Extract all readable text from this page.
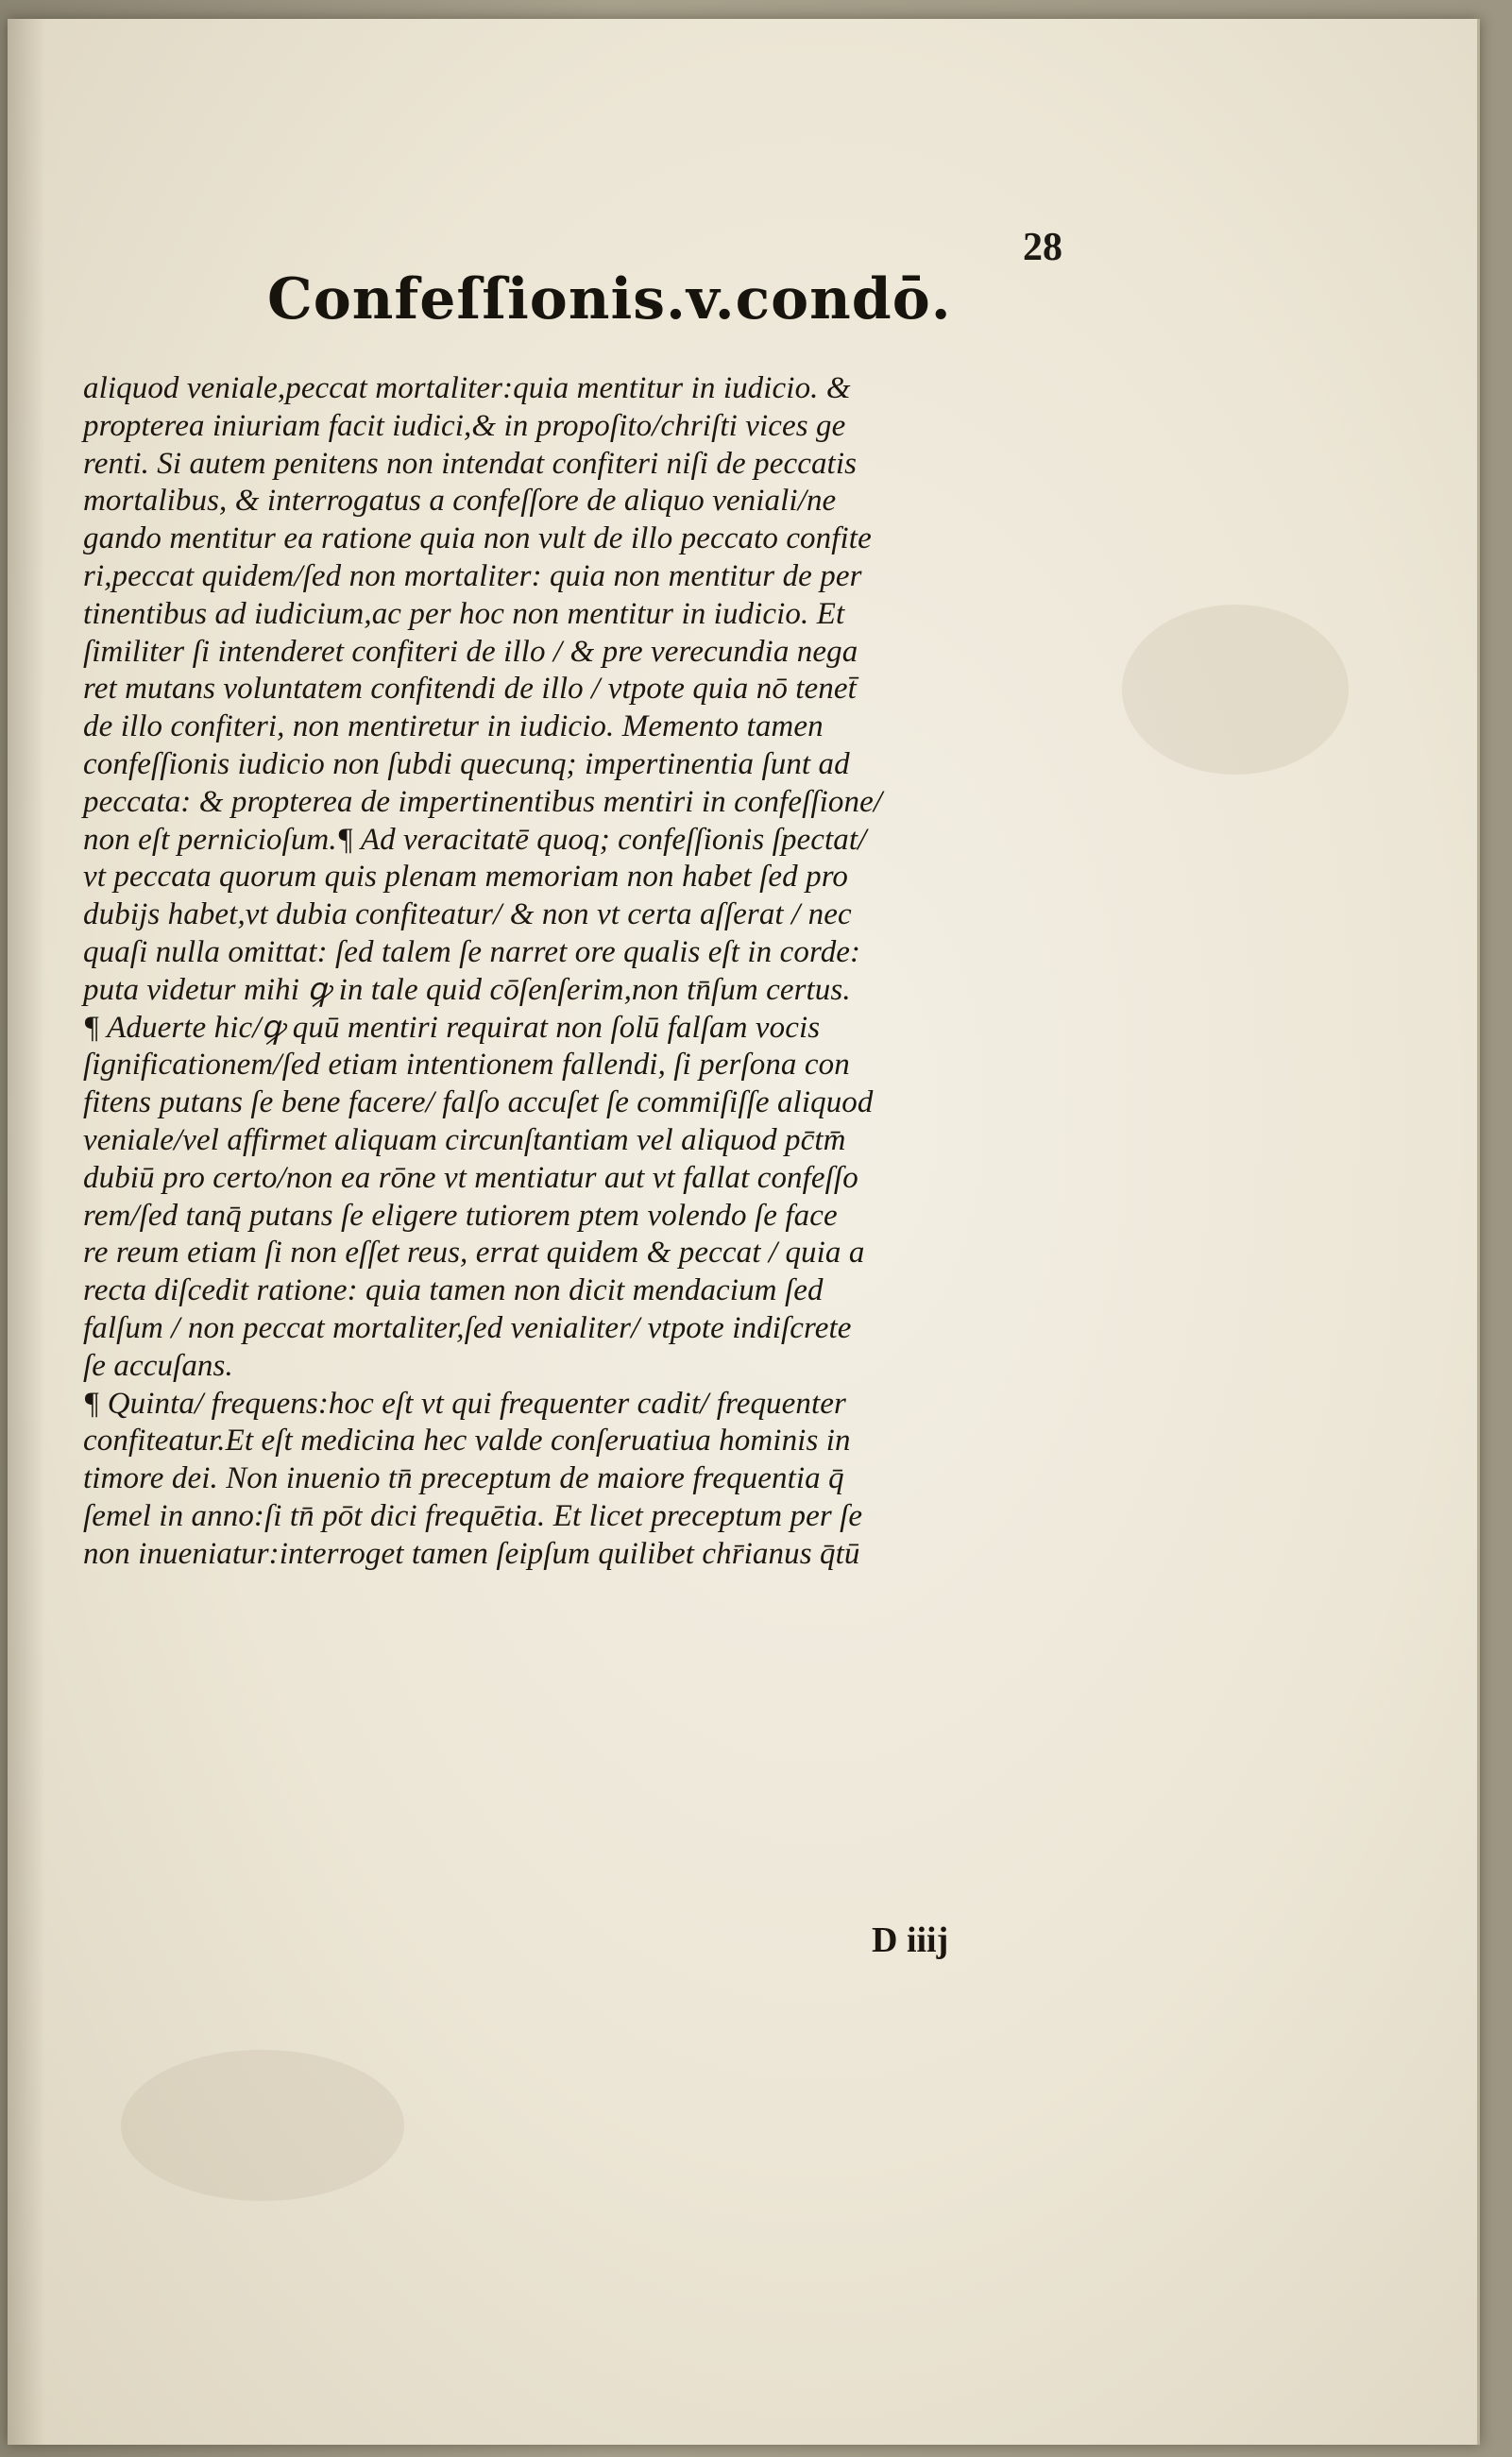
28

Confeſſionis.v.condō.
aliquod veniale,peccat mortaliter:quia mentitur in iudicio. &
propterea iniuriam facit iudici,& in propoſito/chriſti vices ge
renti. Si autem penitens non intendat confiteri niſi de peccatis
mortalibus, & interrogatus a confeſſore de aliquo veniali/ne
gando mentitur ea ratione quia non vult de illo peccato confite
ri,peccat quidem/ſed non mortaliter: quia non mentitur de per
tinentibus ad iudicium,ac per hoc non mentitur in iudicio. Et
ſimiliter ſi intenderet confiteri de illo / & pre verecundia nega
ret mutans voluntatem confitendi de illo / vtpote quia nō tenet̄
de illo confiteri, non mentiretur in iudicio. Memento tamen
confeſſionis iudicio non ſubdi quecunq; impertinentia ſunt ad
peccata: & propterea de impertinentibus mentiri in confeſſione/
non eſt pernicioſum.¶ Ad veracitatē quoq; confeſſionis ſpectat/
vt peccata quorum quis plenam memoriam non habet ſed pro
dubijs habet,vt dubia confiteatur/ & non vt certa aſſerat / nec
quaſi nulla omittat: ſed talem ſe narret ore qualis eſt in corde:
puta videtur mihi ꝙ in tale quid cōſenſerim,non tn̄ſum certus.
¶ Aduerte hic/ꝙ quū mentiri requirat non ſolū falſam vocis
ſignificationem/ſed etiam intentionem fallendi, ſi perſona con
fitens putans ſe bene facere/ falſo accuſet ſe commiſiſſe aliquod
veniale/vel affirmet aliquam circunſtantiam vel aliquod pc̄tm̄
dubiū pro certo/non ea rōne vt mentiatur aut vt fallat confeſſo
rem/ſed tanq̄ putans ſe eligere tutiorem ptem volendo ſe face
re reum etiam ſi non eſſet reus, errat quidem & peccat / quia a
recta diſcedit ratione: quia tamen non dicit mendacium ſed
falſum / non peccat mortaliter,ſed venialiter/ vtpote indiſcrete
ſe accuſans.
¶ Quinta/ frequens:hoc eſt vt qui frequenter cadit/ frequenter
confiteatur.Et eſt medicina hec valde conſeruatiua hominis in
timore dei. Non inuenio tn̄ preceptum de maiore frequentia q̄
ſemel in anno:ſi tn̄ pōt dici frequētia. Et licet preceptum per ſe
non inueniatur:interroget tamen ſeipſum quilibet chr̄ianus q̄tū

D iiij
